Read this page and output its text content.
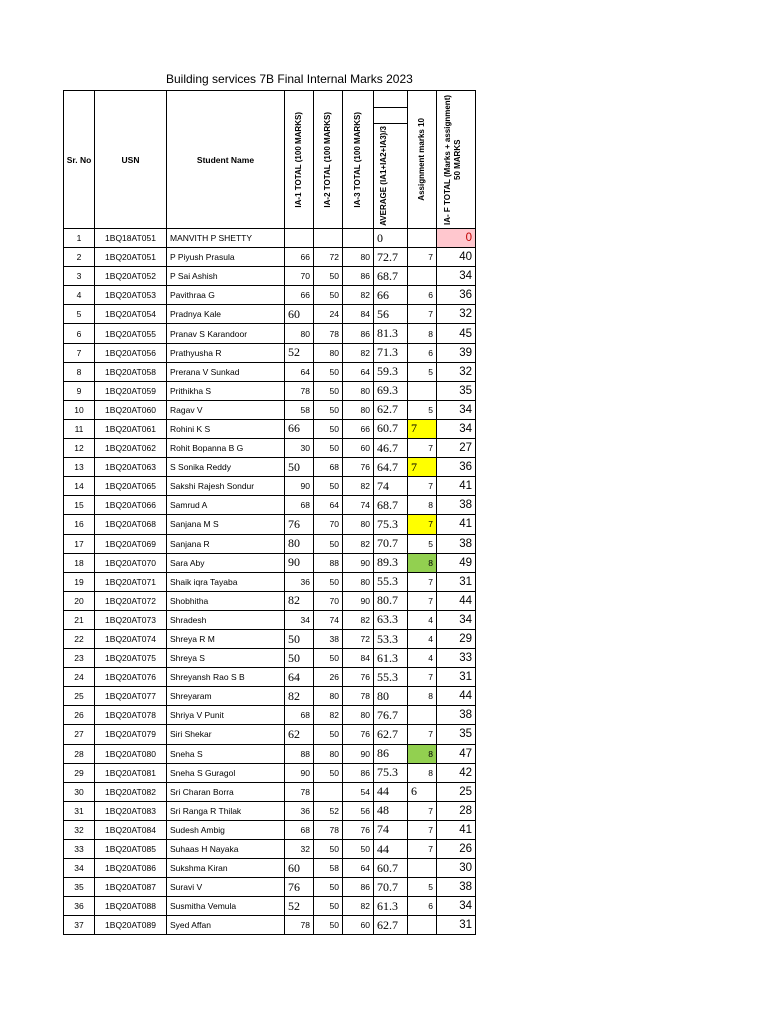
Building services 7B Final Internal Marks 2023
Sr. No	USN	Student Name	IA-1 TOTAL (100 MARKS)	IA-2 TOTAL (100 MARKS)	IA-3 TOTAL (100 MARKS)	AVERAGE (IA1+IA2+IA3)/3	Assignment marks 10	IA- F TOTAL (Marks + assignment) 50 MARKS

1	1BQ18AT051	MANVITH P SHETTY				0		0
2	1BQ20AT051	P Piyush Prasula	66	72	80	72.7	7	40
3	1BQ20AT052	P Sai Ashish	70	50	86	68.7		34
4	1BQ20AT053	Pavithraa G	66	50	82	66	6	36
5	1BQ20AT054	Pradnya Kale	60	24	84	56	7	32
6	1BQ20AT055	Pranav S Karandoor	80	78	86	81.3	8	45
7	1BQ20AT056	Prathyusha R	52	80	82	71.3	6	39
8	1BQ20AT058	Prerana V Sunkad	64	50	64	59.3	5	32
9	1BQ20AT059	Prithikha S	78	50	80	69.3		35
10	1BQ20AT060	Ragav V	58	50	80	62.7	5	34
11	1BQ20AT061	Rohini K S	66	50	66	60.7	7	34
12	1BQ20AT062	Rohit Bopanna B G	30	50	60	46.7	7	27
13	1BQ20AT063	S Sonika Reddy	50	68	76	64.7	7	36
14	1BQ20AT065	Sakshi Rajesh Sondur	90	50	82	74	7	41
15	1BQ20AT066	Samrud A	68	64	74	68.7	8	38
16	1BQ20AT068	Sanjana M S	76	70	80	75.3	7	41
17	1BQ20AT069	Sanjana R	80	50	82	70.7	5	38
18	1BQ20AT070	Sara Aby	90	88	90	89.3	8	49
19	1BQ20AT071	Shaik iqra Tayaba	36	50	80	55.3	7	31
20	1BQ20AT072	Shobhitha	82	70	90	80.7	7	44
21	1BQ20AT073	Shradesh	34	74	82	63.3	4	34
22	1BQ20AT074	Shreya R M	50	38	72	53.3	4	29
23	1BQ20AT075	Shreya S	50	50	84	61.3	4	33
24	1BQ20AT076	Shreyansh Rao S B	64	26	76	55.3	7	31
25	1BQ20AT077	Shreyaram	82	80	78	80	8	44
26	1BQ20AT078	Shriya V Punit	68	82	80	76.7		38
27	1BQ20AT079	Siri Shekar	62	50	76	62.7	7	35
28	1BQ20AT080	Sneha S	88	80	90	86	8	47
29	1BQ20AT081	Sneha S Guragol	90	50	86	75.3	8	42
30	1BQ20AT082	Sri Charan Borra	78		54	44	6	25
31	1BQ20AT083	Sri Ranga R Thilak	36	52	56	48	7	28
32	1BQ20AT084	Sudesh Ambig	68	78	76	74	7	41
33	1BQ20AT085	Suhaas H Nayaka	32	50	50	44	7	26
34	1BQ20AT086	Sukshma Kiran	60	58	64	60.7		30
35	1BQ20AT087	Suravi V	76	50	86	70.7	5	38
36	1BQ20AT088	Susmitha Vemula	52	50	82	61.3	6	34
37	1BQ20AT089	Syed Affan	78	50	60	62.7		31
